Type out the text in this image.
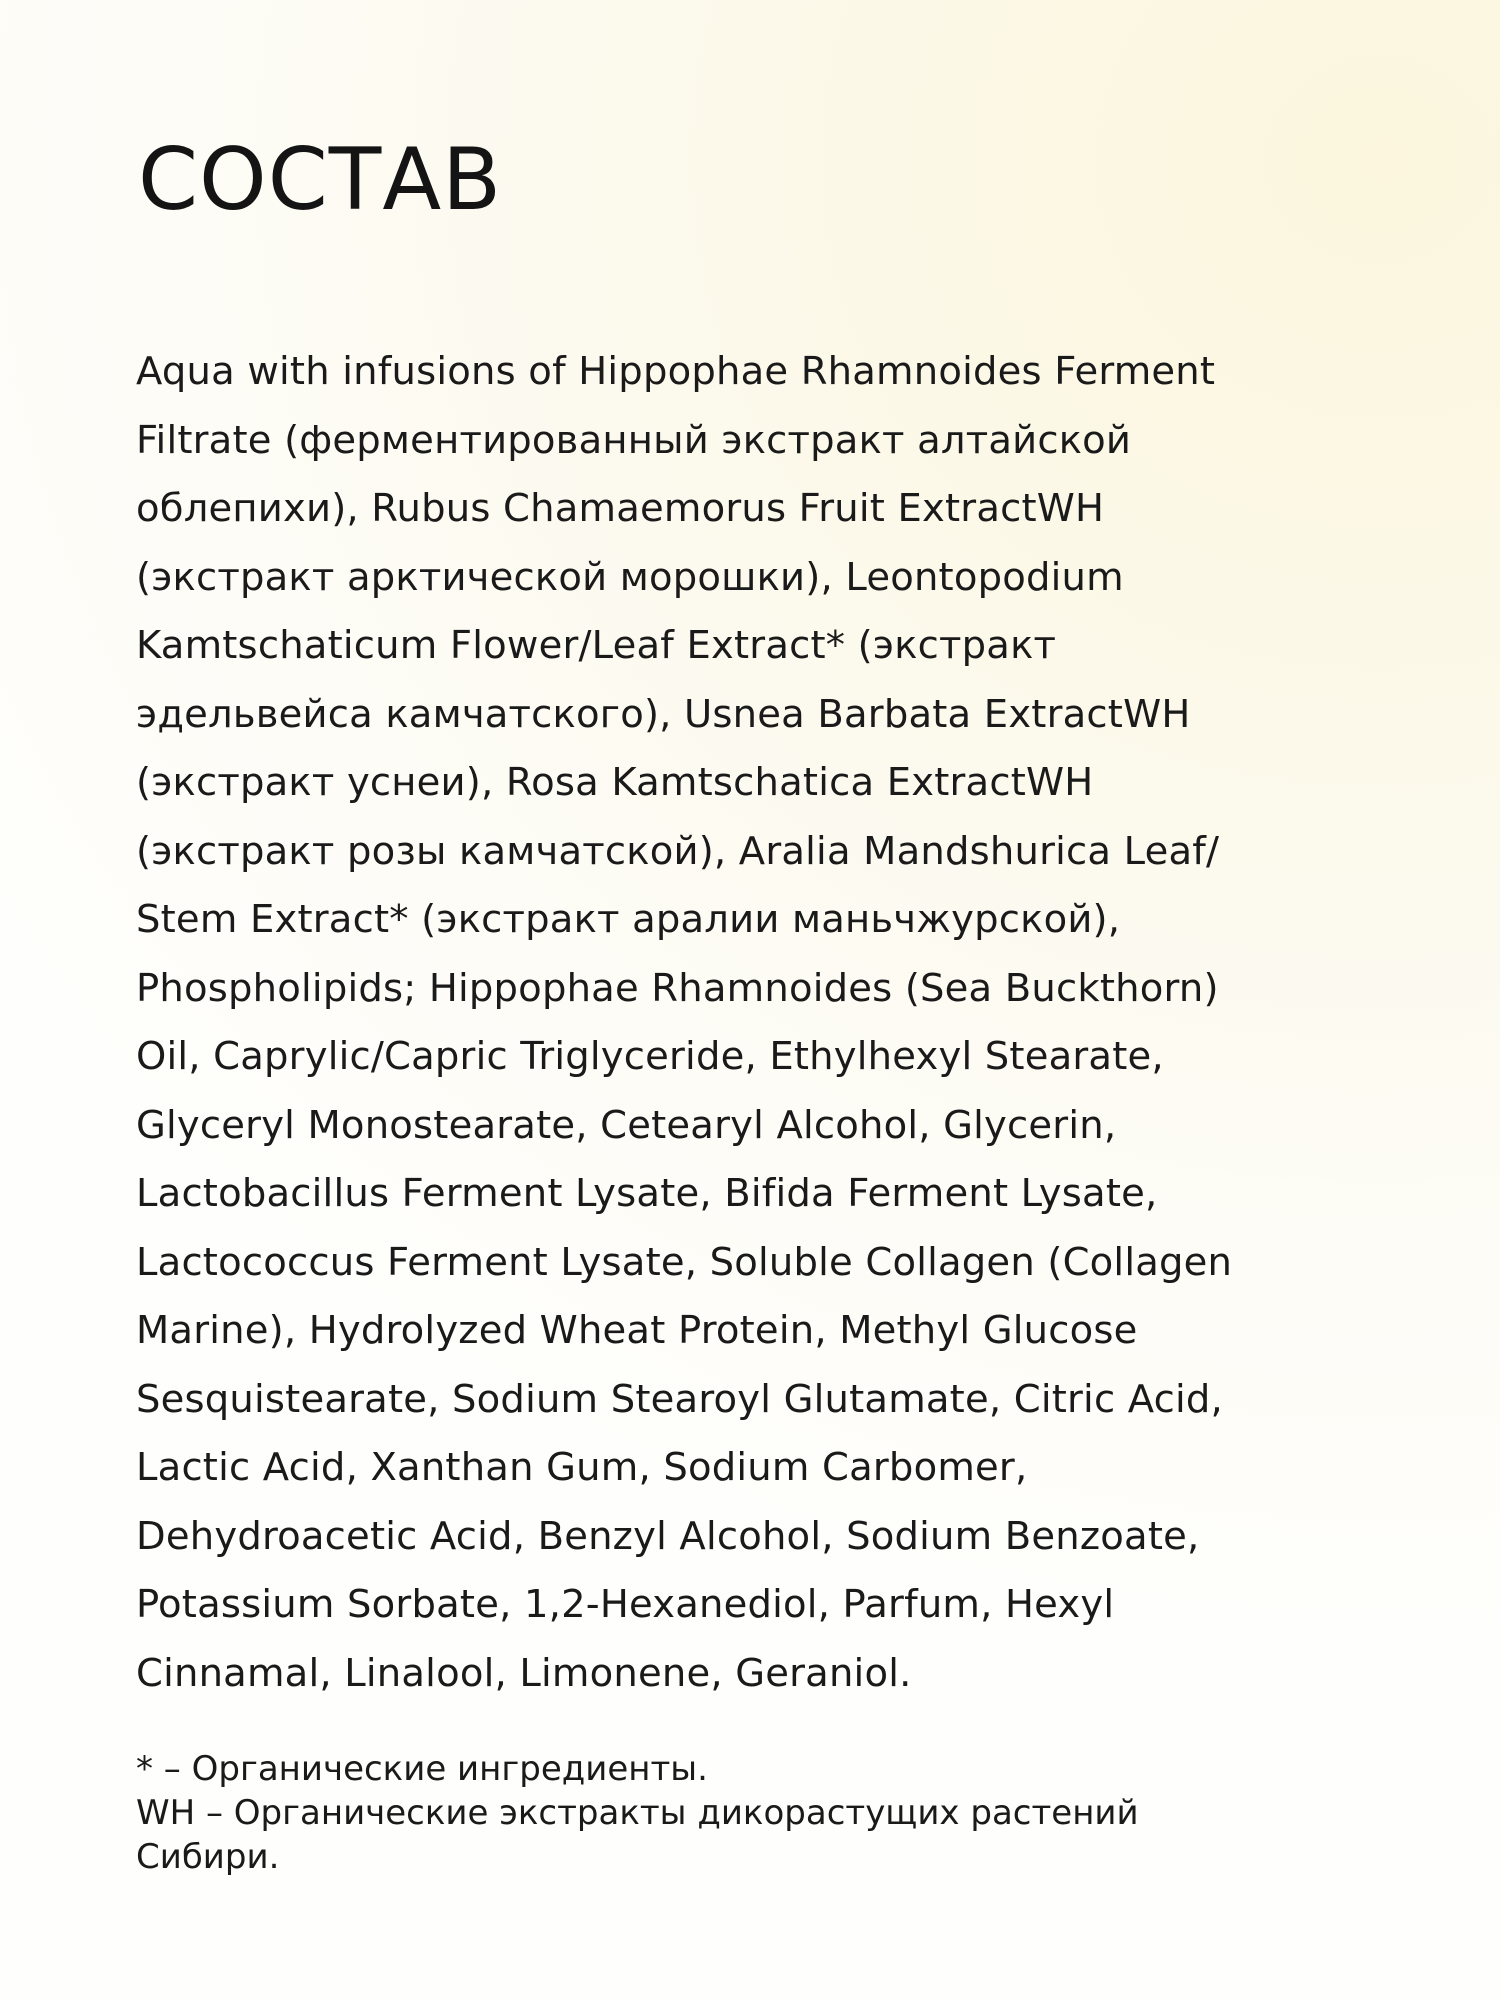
СОСТАВ

Aqua with infusions of Hippophae Rhamnoides Ferment
Filtrate (ферментированный экстракт алтайской
облепихи), Rubus Chamaemorus Fruit ExtractWH
(экстракт арктической морошки), Leontopodium
Kamtschaticum Flower/Leaf Extract* (экстракт
эдельвейса камчатского), Usnea Barbata ExtractWH
(экстракт уснеи), Rosa Kamtschatica ExtractWH
(экстракт розы камчатской), Aralia Mandshurica Leaf/
Stem Extract* (экстракт аралии маньчжурской),
Phospholipids; Hippophae Rhamnoides (Sea Buckthorn)
Oil, Caprylic/Capric Triglyceride, Ethylhexyl Stearate,
Glyceryl Monostearate, Cetearyl Alcohol, Glycerin,
Lactobacillus Ferment Lysate, Bifida Ferment Lysate,
Lactococcus Ferment Lysate, Soluble Collagen (Collagen
Marine), Hydrolyzed Wheat Protein, Methyl Glucose
Sesquistearate, Sodium Stearoyl Glutamate, Citric Acid,
Lactic Acid, Xanthan Gum, Sodium Carbomer,
Dehydroacetic Acid, Benzyl Alcohol, Sodium Benzoate,
Potassium Sorbate, 1,2-Hexanediol, Parfum, Hexyl
Cinnamal, Linalool, Limonene, Geraniol.

* – Органические ингредиенты.
WH – Органические экстракты дикорастущих растений
Сибири.
